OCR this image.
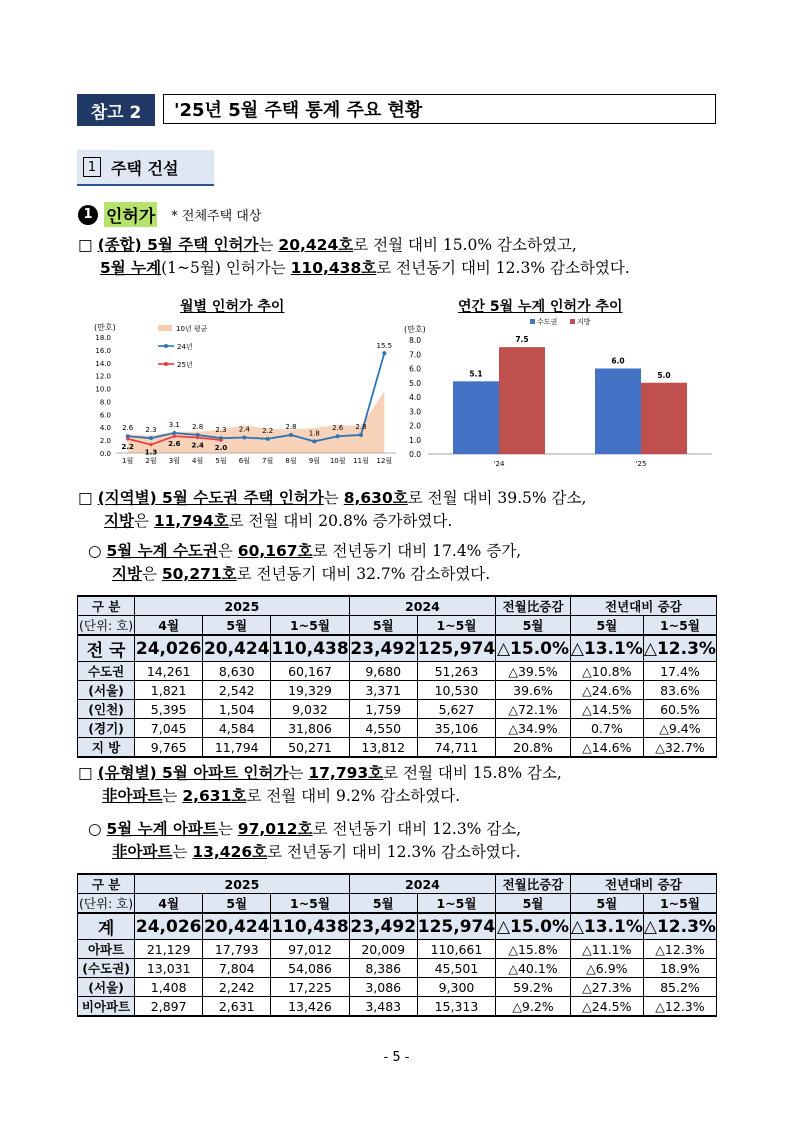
참고 2	'25년 5월 주택 통계 주요 현황
1 주택 건설
1 인허가 * 전체주택 대상
□ (종합) 5월 주택 인허가는 20,424호로 전월 대비 15.0% 감소하였고,
5월 누계(1~5월) 인허가는 110,438호로 전년동기 대비 12.3% 감소하였다.
월별 인허가 추이
(만호)
18.0
16.0
14.0
12.0
10.0
8.0
6.0
4.0
2.0
0.0
1월 2월 3월 4월 5월 6월 7월 8월 9월 10월 11월 12월
2.6 2.3
3.1 2.8 2.3 2.4 2.2 2.8
1.8
2.6 2.8
15.5
2.2
1.3
2.6 2.4 2.0
10년 평균
24년
25년
연간 5월 누계 인허가 추이
(만호)
8.0
7.0
6.0
5.0
4.0
3.0
2.0
1.0
0.0
5.1
7.5
'24
6.0
5.0
'25
수도권	지방
□ (지역별) 5월 수도권 주택 인허가는 8,630호로 전월 대비 39.5% 감소,
지방은 11,794호로 전월 대비 20.8% 증가하였다.
○ 5월 누계 수도권은 60,167호로 전년동기 대비 17.4% 증가,
지방은 50,271호로 전년동기 대비 32.7% 감소하였다.
구 분	2025			2024		전월比증감	전년대비 증감	
(단위: 호)	4월	5월	1~5월	5월	1~5월	5월	5월	1~5월
전 국	24,026	20,424	110,438	23,492	125,974	△15.0%	△13.1%	△12.3%
수도권	14,261	8,630	60,167	9,680	51,263	△39.5%	△10.8%	17.4%
(서울)	1,821	2,542	19,329	3,371	10,530	39.6%	△24.6%	83.6%
(인천)	5,395	1,504	9,032	1,759	5,627	△72.1%	△14.5%	60.5%
(경기)	7,045	4,584	31,806	4,550	35,106	△34.9%	0.7%	△9.4%
지 방	9,765	11,794	50,271	13,812	74,711	20.8%	△14.6%	△32.7%
□ (유형별) 5월 아파트 인허가는 17,793호로 전월 대비 15.8% 감소,
非아파트는 2,631호로 전월 대비 9.2% 감소하였다.
○ 5월 누계 아파트는 97,012호로 전년동기 대비 12.3% 감소,
非아파트는 13,426호로 전년동기 대비 12.3% 감소하였다.
구 분	2025			2024		전월比증감	전년대비 증감	
(단위: 호)	4월	5월	1~5월	5월	1~5월	5월	5월	1~5월
계	24,026	20,424	110,438	23,492	125,974	△15.0%	△13.1%	△12.3%
아파트	21,129	17,793	97,012	20,009	110,661	△15.8%	△11.1%	△12.3%
(수도권)	13,031	7,804	54,086	8,386	45,501	△40.1%	△6.9%	18.9%
(서울)	1,408	2,242	17,225	3,086	9,300	59.2%	△27.3%	85.2%
비아파트	2,897	2,631	13,426	3,483	15,313	△9.2%	△24.5%	△12.3%
- 5 -
